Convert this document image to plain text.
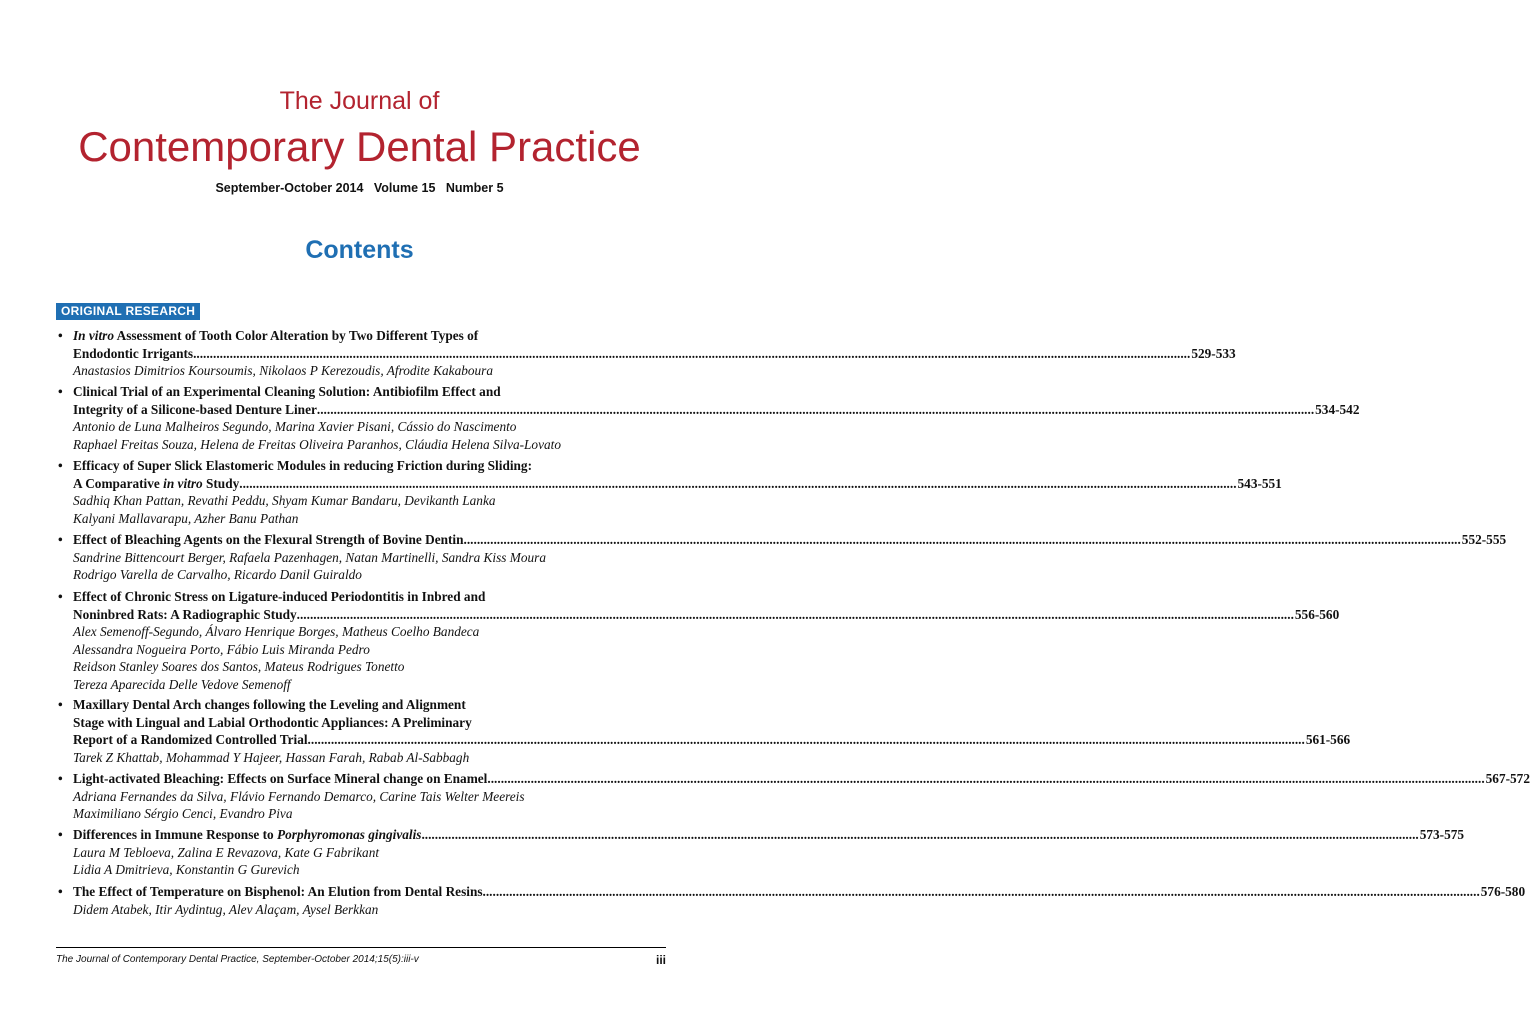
The Journal of
Contemporary Dental Practice
September-October 2014   Volume 15   Number 5
Contents
ORIGINAL RESEARCH
• In vitro Assessment of Tooth Color Alteration by Two Different Types of
Endodontic Irrigants ............................................................................................................................................................................................................................................................................................................ 529-533
Anastasios Dimitrios Koursoumis, Nikolaos P Kerezoudis, Afrodite Kakaboura
• Clinical Trial of an Experimental Cleaning Solution: Antibiofilm Effect and
Integrity of a Silicone-based Denture Liner ............................................................................................................................................................................................................................................................................................................ 534-542
Antonio de Luna Malheiros Segundo, Marina Xavier Pisani, Cássio do Nascimento
Raphael Freitas Souza, Helena de Freitas Oliveira Paranhos, Cláudia Helena Silva-Lovato
• Efficacy of Super Slick Elastomeric Modules in reducing Friction during Sliding:
A Comparative in vitro Study ............................................................................................................................................................................................................................................................................................................ 543-551
Sadhiq Khan Pattan, Revathi Peddu, Shyam Kumar Bandaru, Devikanth Lanka
Kalyani Mallavarapu, Azher Banu Pathan
• Effect of Bleaching Agents on the Flexural Strength of Bovine Dentin ............................................................................................................................................................................................................................................................................................................ 552-555
Sandrine Bittencourt Berger, Rafaela Pazenhagen, Natan Martinelli, Sandra Kiss Moura
Rodrigo Varella de Carvalho, Ricardo Danil Guiraldo
• Effect of Chronic Stress on Ligature-induced Periodontitis in Inbred and
Noninbred Rats: A Radiographic Study ............................................................................................................................................................................................................................................................................................................ 556-560
Alex Semenoff-Segundo, Álvaro Henrique Borges, Matheus Coelho Bandeca
Alessandra Nogueira Porto, Fábio Luis Miranda Pedro
Reidson Stanley Soares dos Santos, Mateus Rodrigues Tonetto
Tereza Aparecida Delle Vedove Semenoff
• Maxillary Dental Arch changes following the Leveling and Alignment
Stage with Lingual and Labial Orthodontic Appliances: A Preliminary
Report of a Randomized Controlled Trial ............................................................................................................................................................................................................................................................................................................ 561-566
Tarek Z Khattab, Mohammad Y Hajeer, Hassan Farah, Rabab Al-Sabbagh
• Light-activated Bleaching: Effects on Surface Mineral change on Enamel ............................................................................................................................................................................................................................................................................................................ 567-572
Adriana Fernandes da Silva, Flávio Fernando Demarco, Carine Tais Welter Meereis
Maximiliano Sérgio Cenci, Evandro Piva
• Differences in Immune Response to Porphyromonas gingivalis ............................................................................................................................................................................................................................................................................................................ 573-575
Laura M Tebloeva, Zalina E Revazova, Kate G Fabrikant
Lidia A Dmitrieva, Konstantin G Gurevich
• The Effect of Temperature on Bisphenol: An Elution from Dental Resins ............................................................................................................................................................................................................................................................................................................ 576-580
Didem Atabek, Itir Aydintug, Alev Alaçam, Aysel Berkkan
The Journal of Contemporary Dental Practice, September-October 2014;15(5):iii-v	iii
